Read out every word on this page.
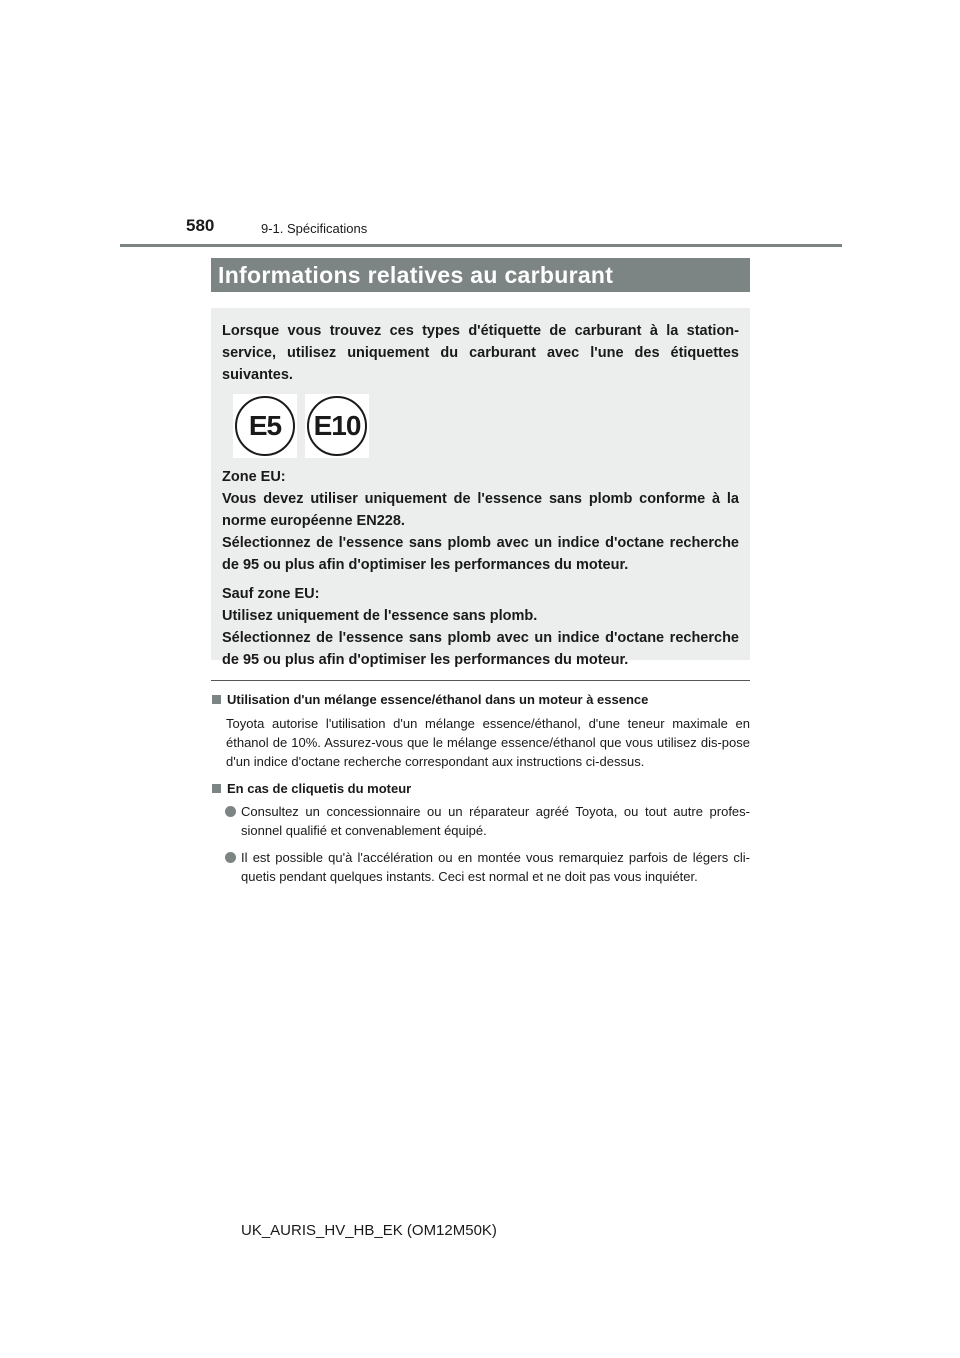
580	9-1. Spécifications
Informations relatives au carburant

Lorsque vous trouvez ces types d'étiquette de carburant à la station-service, utilisez uniquement du carburant avec l'une des étiquettes suivantes.

E5	E10

Zone EU:

Vous devez utiliser uniquement de l'essence sans plomb conforme à la norme européenne EN228.

Sélectionnez de l'essence sans plomb avec un indice d'octane recherche de 95 ou plus afin d'optimiser les performances du moteur.

Sauf zone EU:

Utilisez uniquement de l'essence sans plomb.

Sélectionnez de l'essence sans plomb avec un indice d'octane recherche de 95 ou plus afin d'optimiser les performances du moteur.

Utilisation d'un mélange essence/éthanol dans un moteur à essence

Toyota autorise l'utilisation d'un mélange essence/éthanol, d'une teneur maximale en éthanol de 10%. Assurez-vous que le mélange essence/éthanol que vous utilisez dis-pose d'un indice d'octane recherche correspondant aux instructions ci-dessus.

En cas de cliquetis du moteur

Consultez un concessionnaire ou un réparateur agréé Toyota, ou tout autre profes-sionnel qualifié et convenablement équipé.
Il est possible qu'à l'accélération ou en montée vous remarquiez parfois de légers cli-quetis pendant quelques instants. Ceci est normal et ne doit pas vous inquiéter.
UK_AURIS_HV_HB_EK (OM12M50K)
